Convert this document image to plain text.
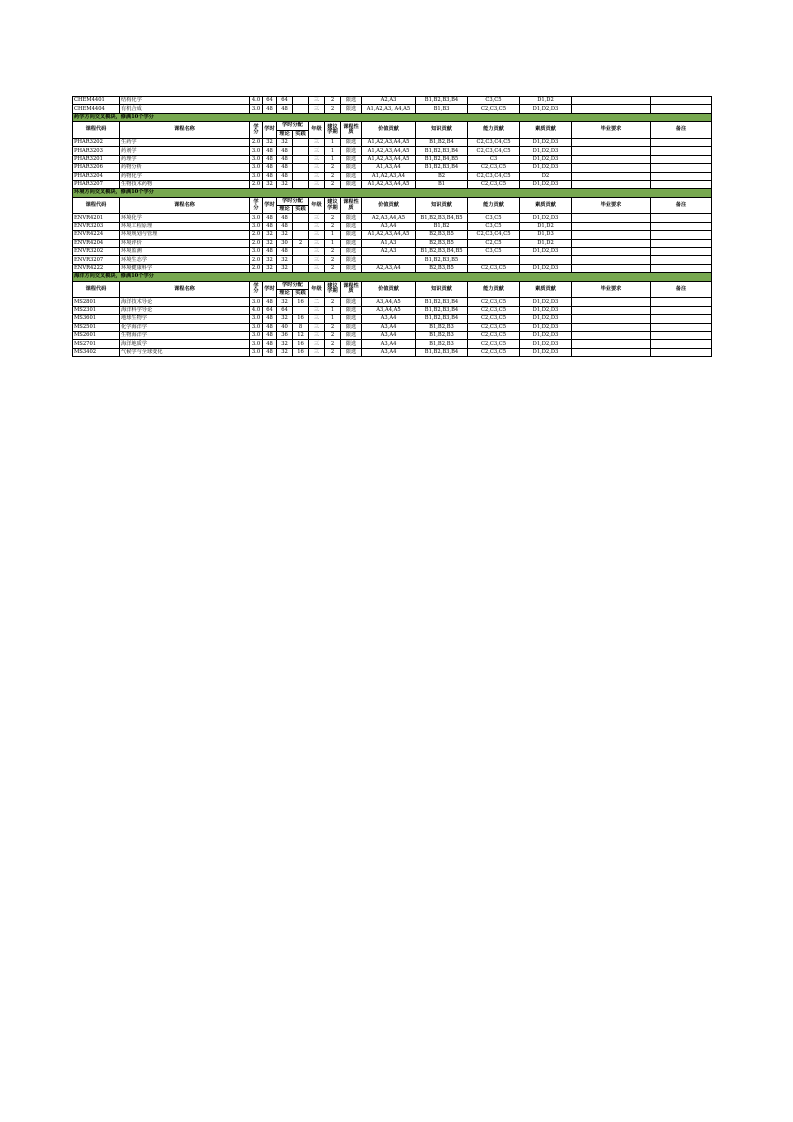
CHEM4401	结构化学	4.0	64	64		三	2	限选	A2,A3	B1,B2,B3,B4	C3,C5	D1,D2		
CHEM4404	有机合成	3.0	48	48		三	2	限选	A1,A2,A3, A4,A5	B1,B3	C2,C3,C5	D1,D2,D3		
药学方向交叉模块，修满10个学分														
课程代码	课程名称	学分	学时	学时分配		年级	建议学期	课程性质	价值贡献	知识贡献	能力贡献	素质贡献	毕业要求	备注
				理论	实践									
PHAR3202	生药学	2.0	32	32		三	1	限选	A1,A2,A3,A4,A5	B1,B2,B4	C2,C3,C4,C5	D1,D2,D3		
PHAR3203	药剂学	3.0	48	48		三	1	限选	A1,A2,A3,A4,A5	B1,B2,B3,B4	C2,C3,C4,C5	D1,D2,D3		
PHAR3201	药理学	3.0	48	48		三	1	限选	A1,A2,A3,A4,A5	B1,B2,B4,B5	C3	D1,D2,D3		
PHAR3206	药物分析	3.0	48	48		三	2	限选	A1,A3,A4	B1,B2,B3,B4	C2,C3,C5	D1,D2,D3		
PHAR3204	药物化学	3.0	48	48		三	2	限选	A1,A2,A3,A4	B2	C2,C3,C4,C5	D2		
PHAR3207	生物技术药物	2.0	32	32		三	2	限选	A1,A2,A3,A4,A5	B1	C2,C3,C5	D1,D2,D3		
环境方向交叉模块，修满10个学分														
课程代码	课程名称	学分	学时	学时分配		年级	建议学期	课程性质	价值贡献	知识贡献	能力贡献	素质贡献	毕业要求	备注
				理论	实践									
ENVR4201	环境化学	3.0	48	48		三	2	限选	A2,A3,A4,A5	B1,B2,B3,B4,B5	C3,C5	D1,D2,D3		
ENVR3203	环境工程原理	3.0	48	48		三	2	限选	A3,A4	B1,B2	C3,C5	D1,D2		
ENVR4224	环境规划与管理	2.0	32	32		三	1	限选	A1,A2,A3,A4,A5	B2,B3,B5	C2,C3,C4,C5	D1,D3		
ENVR4204	环境评价	2.0	32	30	2	三	1	限选	A1,A3	B2,B3,B5	C2,C5	D1,D2		
ENVR3202	环境监测	3.0	48	48		三	2	限选	A2,A3	B1,B2,B3,B4,B5	C3,C5	D1,D2,D3		
ENVR3207	环境生态学	2.0	32	32		三	2	限选		B1,B2,B3,B5				
ENVR4222	环境健康科学	2.0	32	32		三	2	限选	A2,A3,A4	B2,B3,B5	C2,C3,C5	D1,D2,D3		
海洋方向交叉模块，修满10个学分														
课程代码	课程名称	学分	学时	学时分配		年级	建议学期	课程性质	价值贡献	知识贡献	能力贡献	素质贡献	毕业要求	备注
				理论	实践									
MS2801	海洋技术导论	3.0	48	32	16	二	2	限选	A3,A4,A5	B1,B2,B3,B4	C2,C3,C5	D1,D2,D3		
MS2301	海洋科学导论	4.0	64	64		三	1	限选	A3,A4,A5	B1,B2,B3,B4	C2,C3,C5	D1,D2,D3		
MS3601	地球生物学	3.0	48	32	16	三	1	限选	A3,A4	B1,B2,B3,B4	C2,C3,C5	D1,D2,D3		
MS2501	化学海洋学	3.0	48	40	8	三	2	限选	A3,A4	B1,B2,B3	C2,C3,C5	D1,D2,D3		
MS2601	生物海洋学	3.0	48	36	12	三	2	限选	A3,A4	B1,B2,B3	C2,C3,C5	D1,D2,D3		
MS2701	海洋地质学	3.0	48	32	16	三	2	限选	A3,A4	B1,B2,B3	C2,C3,C5	D1,D2,D3		
MS3402	气候学与全球变化	3.0	48	32	16	三	2	限选	A3,A4	B1,B2,B3,B4	C2,C3,C5	D1,D2,D3		
